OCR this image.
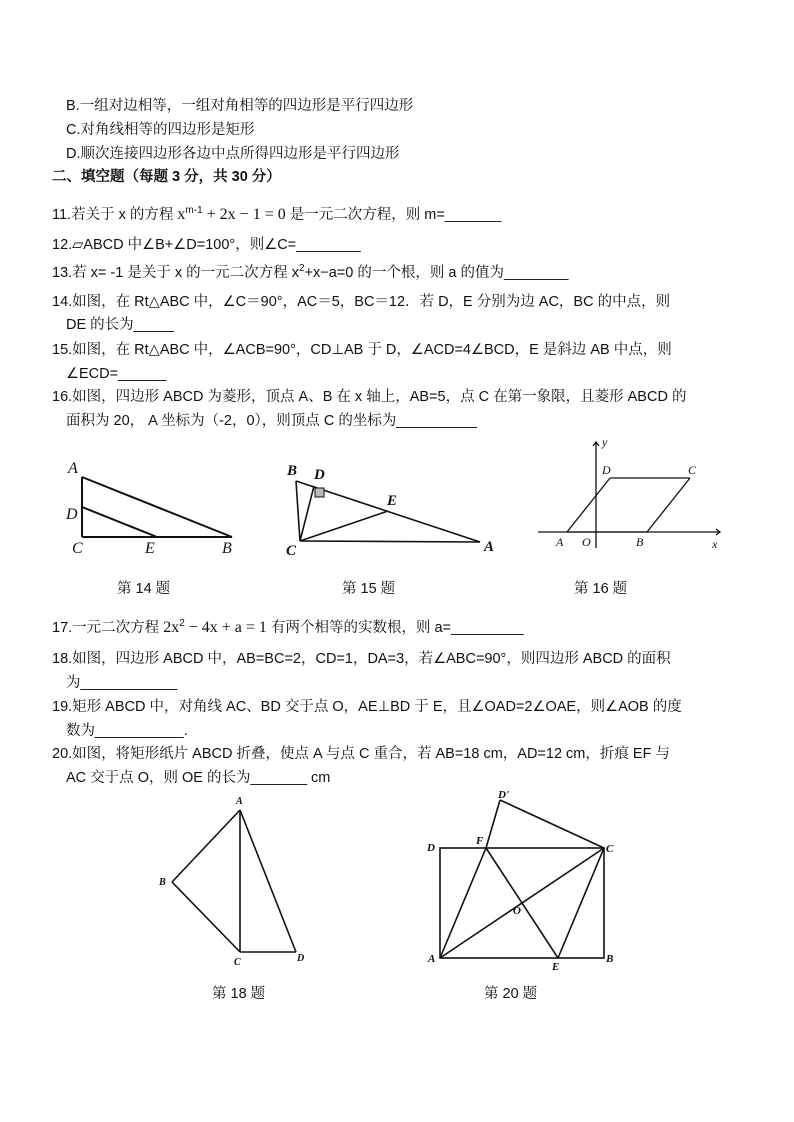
B.一组对边相等，一组对角相等的四边形是平行四边形
C.对角线相等的四边形是矩形
D.顺次连接四边形各边中点所得四边形是平行四边形
二、填空题（每题 3 分，共 30 分）
11.若关于 x 的方程 $x^{m-1} + 2x - 1 = 0$ 是一元二次方程，则 m=_______
12.▱ABCD 中∠B+∠D=100°，则∠C=________
13.若 x= -1 是关于 x 的一元二次方程 $x^2+x-a=0$ 的一个根，则 a 的值为________
14.如图，在 Rt△ABC 中，∠C＝90°，AC＝5，BC＝12．若 D，E 分别为边 AC，BC 的中点，则
DE 的长为_____
15.如图，在 Rt△ABC 中，∠ACB=90°，CD⊥AB 于 D，∠ACD=4∠BCD，E 是斜边 AB 中点，则
∠ECD=______
16.如图，四边形 ABCD 为菱形，顶点 A、B 在 x 轴上，AB=5，点 C 在第一象限，且菱形 ABCD 的
面积为 20， A 坐标为（-2，0），则顶点 C 的坐标为__________
A
D
C	E	B
第 14 题
B D
E
C	A
第 15 题
y
D	C
A O	B	x
第 16 题
17.一元二次方程 $2x^2 - 4x + a = 1$ 有两个相等的实数根，则 a=_________
18.如图，四边形 ABCD 中，AB=BC=2，CD=1，DA=3，若∠ABC=90°，则四边形 ABCD 的面积
为____________
19.矩形 ABCD 中，对角线 AC、BD 交于点 O，AE⊥BD 于 E，且∠OAD=2∠OAE，则∠AOB 的度
数为___________.
20.如图，将矩形纸片 ABCD 折叠，使点 A 与点 C 重合，若 AB=18 cm，AD=12 cm，折痕 EF 与
AC 交于点 O，则 OE 的长为_______ cm
A
B
C	D
第 18 题
D'
D
F
C
O
A
E
B
第 20 题
